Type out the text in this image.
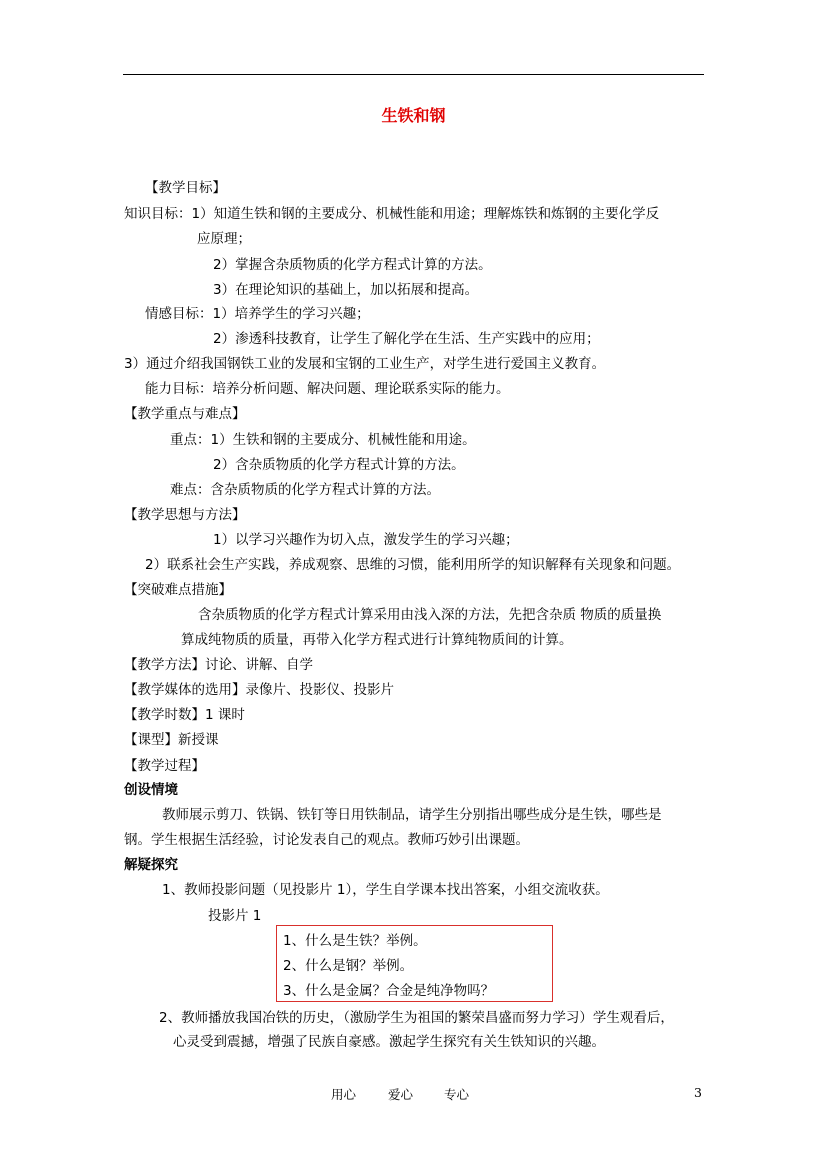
生铁和钢
【教学目标】
知识目标：1）知道生铁和钢的主要成分、机械性能和用途；理解炼铁和炼钢的主要化学反
应原理；
2）掌握含杂质物质的化学方程式计算的方法。
3）在理论知识的基础上，加以拓展和提高。
情感目标：1）培养学生的学习兴趣；
2）渗透科技教育，让学生了解化学在生活、生产实践中的应用；
3）通过介绍我国钢铁工业的发展和宝钢的工业生产，对学生进行爱国主义教育。
能力目标：培养分析问题、解决问题、理论联系实际的能力。
【教学重点与难点】
重点：1）生铁和钢的主要成分、机械性能和用途。
2）含杂质物质的化学方程式计算的方法。
难点：含杂质物质的化学方程式计算的方法。
【教学思想与方法】
1）以学习兴趣作为切入点，激发学生的学习兴趣；
2）联系社会生产实践，养成观察、思维的习惯，能利用所学的知识解释有关现象和问题。
【突破难点措施】
含杂质物质的化学方程式计算采用由浅入深的方法，先把含杂质 物质的质量换
算成纯物质的质量，再带入化学方程式进行计算纯物质间的计算。
【教学方法】讨论、讲解、自学
【教学媒体的选用】录像片、投影仪、投影片
【教学时数】1 课时
【课型】新授课
【教学过程】
创设情境
教师展示剪刀、铁锅、铁钉等日用铁制品，请学生分别指出哪些成分是生铁，哪些是
钢。学生根据生活经验，讨论发表自己的观点。教师巧妙引出课题。
解疑探究
1、教师投影问题（见投影片 1），学生自学课本找出答案，小组交流收获。
投影片 1
1、什么是生铁？举例。
2、什么是钢？举例。
3、什么是金属？合金是纯净物吗？
2、教师播放我国冶铁的历史，（激励学生为祖国的繁荣昌盛而努力学习）学生观看后，
心灵受到震撼，增强了民族自豪感。激起学生探究有关生铁知识的兴趣。
用心	爱心 专心	3
